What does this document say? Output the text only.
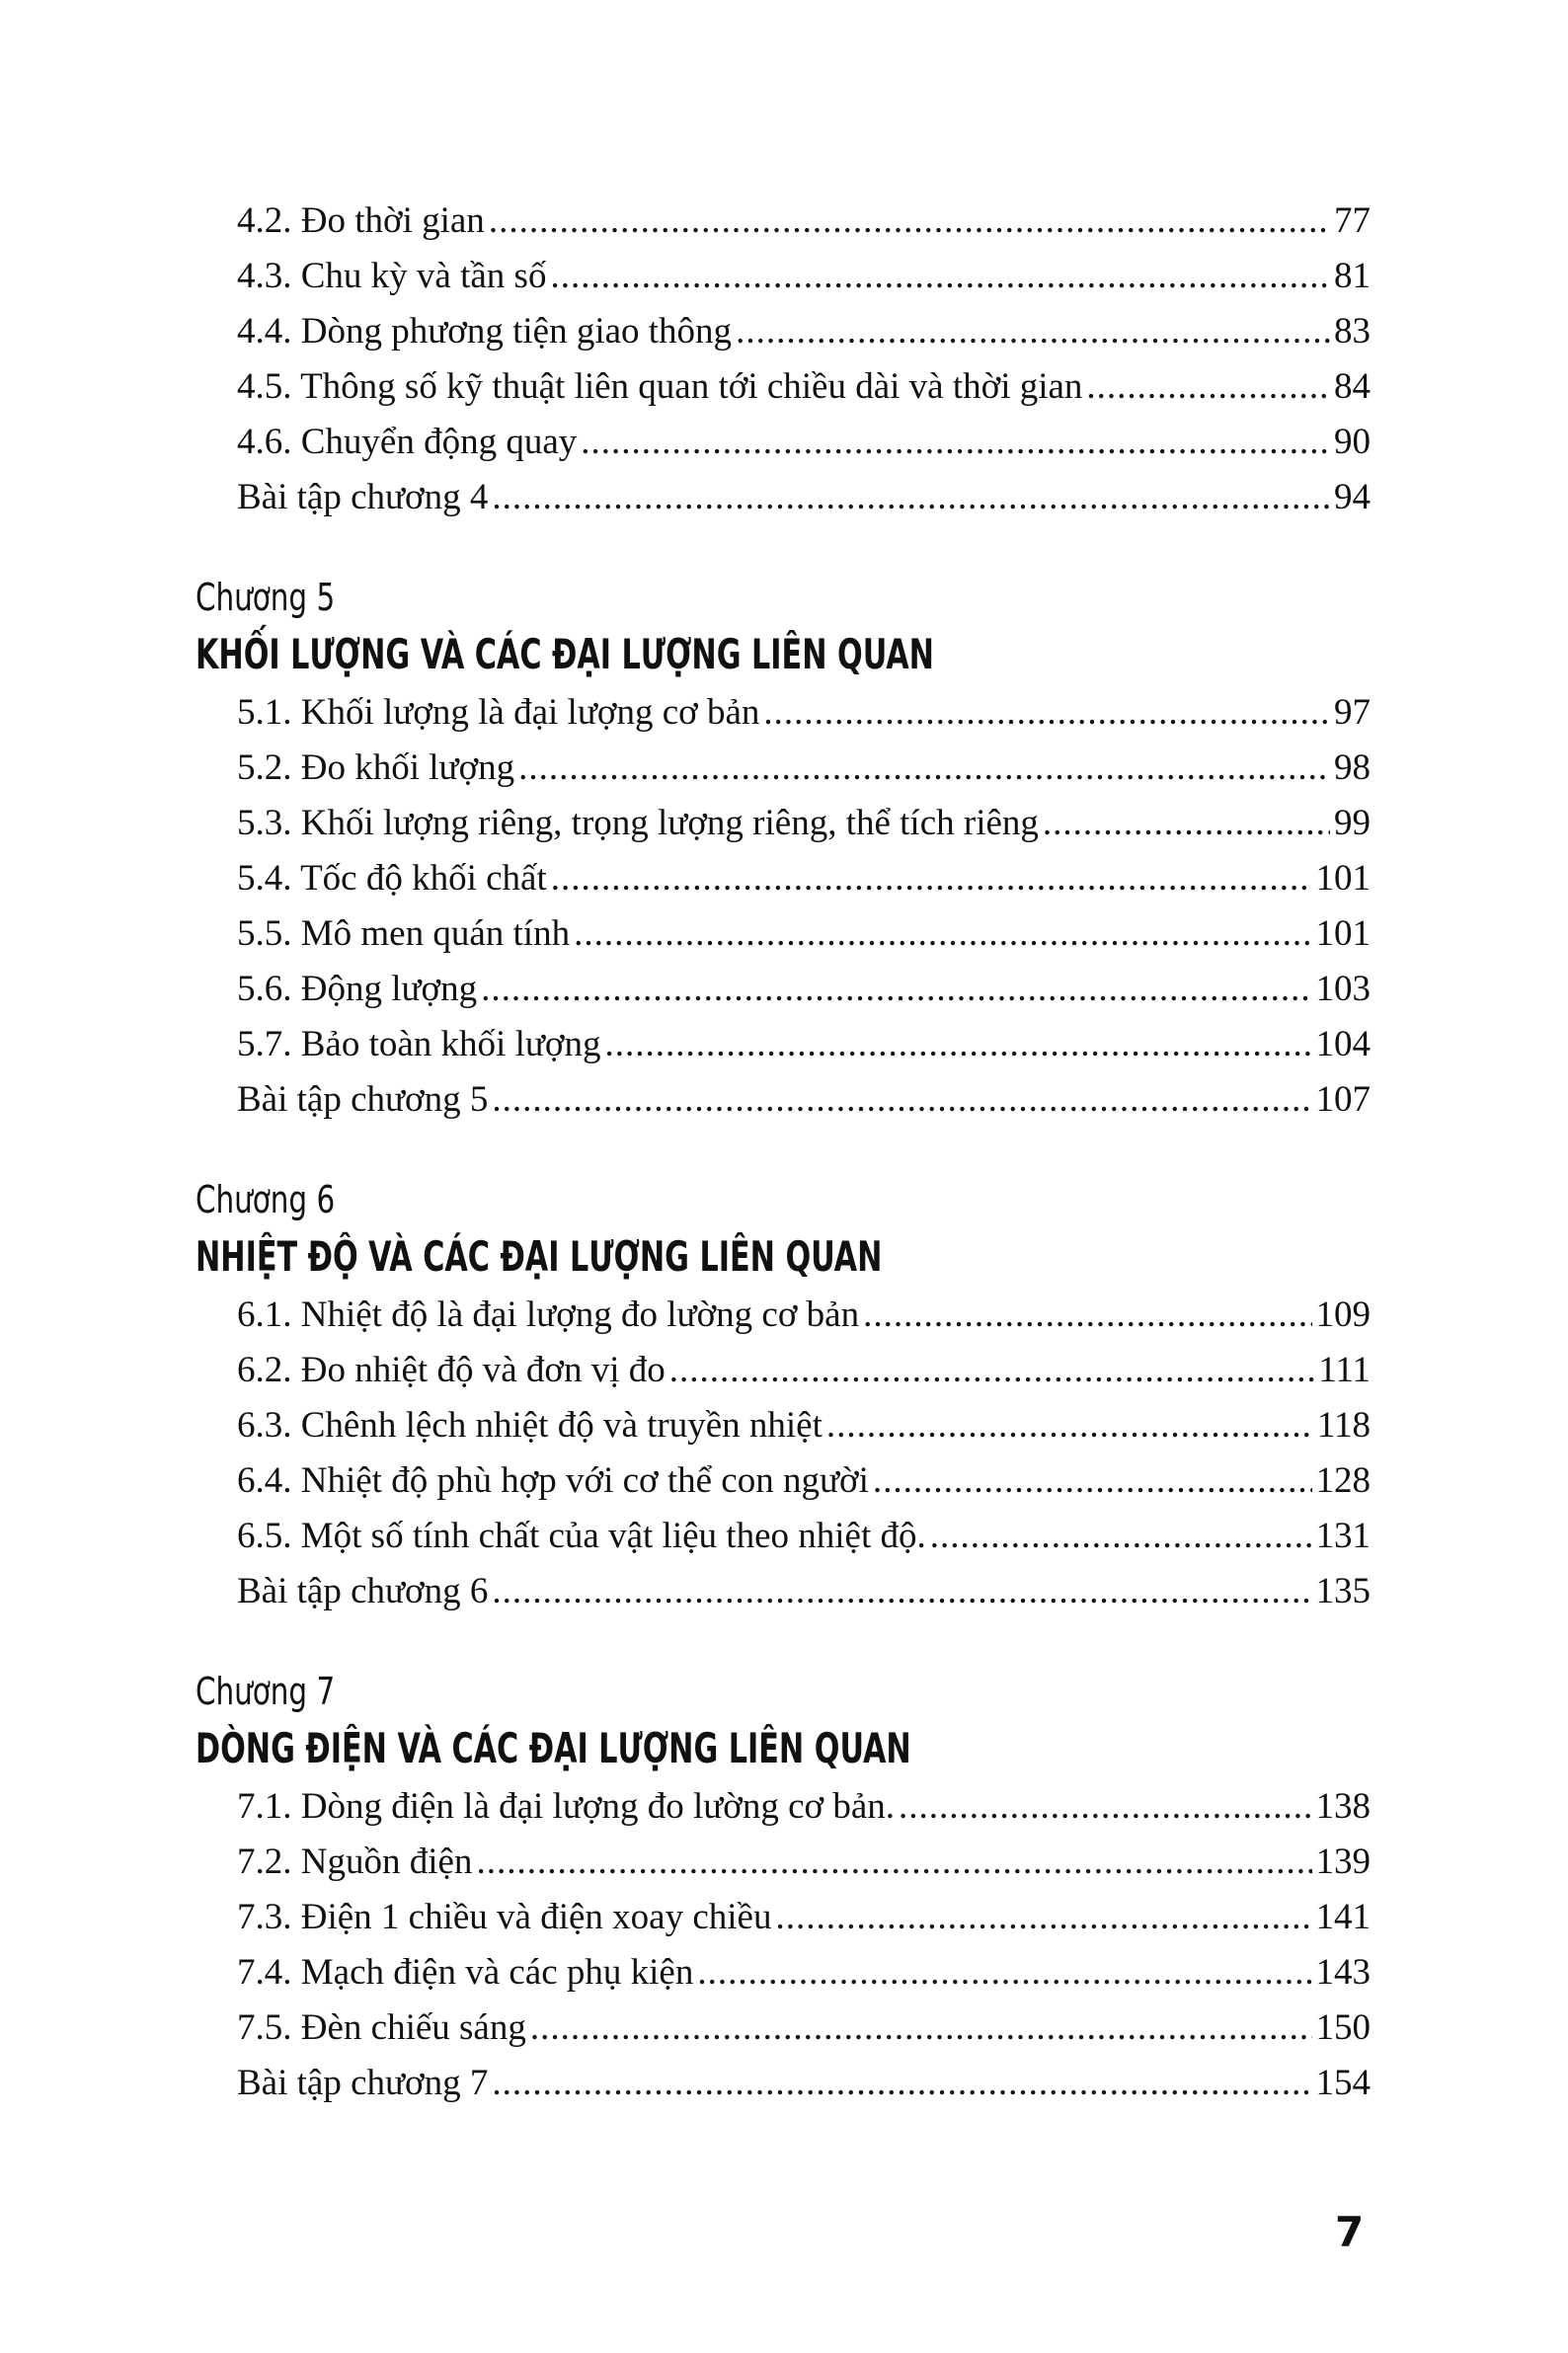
4.2. Đo thời gian .....	77
4.3. Chu kỳ và tần số .....	81
4.4. Dòng phương tiện giao thông .....	83
4.5. Thông số kỹ thuật liên quan tới chiều dài và thời gian .....	84
4.6. Chuyển động quay .....	90
Bài tập chương 4 .....	94
Chương 5
KHỐI LƯỢNG VÀ CÁC ĐẠI LƯỢNG LIÊN QUAN
5.1. Khối lượng là đại lượng cơ bản .....	97
5.2. Đo khối lượng .....	98
5.3. Khối lượng riêng, trọng lượng riêng, thể tích riêng .....	99
5.4. Tốc độ khối chất .....	101
5.5. Mô men quán tính .....	101
5.6. Động lượng .....	103
5.7. Bảo toàn khối lượng .....	104
Bài tập chương 5 .....	107
Chương 6
NHIỆT ĐỘ VÀ CÁC ĐẠI LƯỢNG LIÊN QUAN
6.1. Nhiệt độ là đại lượng đo lường cơ bản .....	109
6.2. Đo nhiệt độ và đơn vị đo .....	111
6.3. Chênh lệch nhiệt độ và truyền nhiệt .....	118
6.4. Nhiệt độ phù hợp với cơ thể con người .....	128
6.5. Một số tính chất của vật liệu theo nhiệt độ. .....	131
Bài tập chương 6 .....	135
Chương 7
DÒNG ĐIỆN VÀ CÁC ĐẠI LƯỢNG LIÊN QUAN
7.1. Dòng điện là đại lượng đo lường cơ bản. .....	138
7.2. Nguồn điện .....	139
7.3. Điện 1 chiều và điện xoay chiều .....	141
7.4. Mạch điện và các phụ kiện .....	143
7.5. Đèn chiếu sáng .....	150
Bài tập chương 7 .....	154
7
